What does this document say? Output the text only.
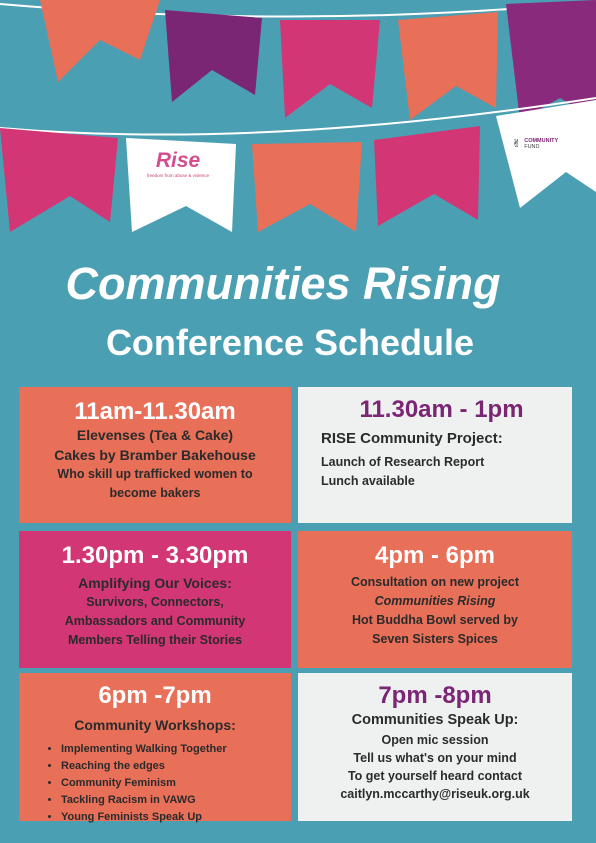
Rise
freedom from abuse & violence
✌ COMMUNITY
FUND
Communities Rising
Conference Schedule
11am-11.30am
Elevenses (Tea & Cake)
Cakes by Bramber Bakehouse
Who skill up trafficked women to
become bakers
11.30am - 1pm
RISE Community Project:
Launch of Research Report
Lunch available
1.30pm - 3.30pm
Amplifying Our Voices:
Survivors, Connectors,
Ambassadors and Community
Members Telling their Stories
4pm - 6pm
Consultation on new project
Communities Rising
Hot Buddha Bowl served by
Seven Sisters Spices
6pm -7pm
Community Workshops:
• Implementing Walking Together
• Reaching the edges
• Community Feminism
• Tackling Racism in VAWG
• Young Feminists Speak Up
7pm -8pm
Communities Speak Up:
Open mic session
Tell us what's on your mind
To get yourself heard contact
caitlyn.mccarthy@riseuk.org.uk
